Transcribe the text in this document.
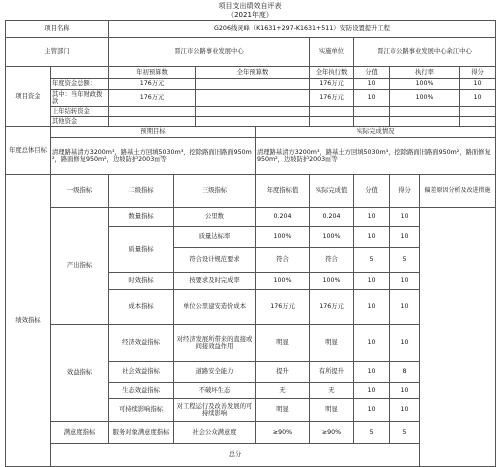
项目支出绩效自评表
（2021年度）
项目名称		G206线灵峰（K1631+297-K1631+511）安防设置提升工程									
主管部门		晋江市公路事业发展中心				实施单位	晋江市公路事业发展中心余江中心				
项目资金		年初预算数		全年预算数		全年执行数	分值	执行率		得分	
	年度资金总额：	176万元				176万元	10	100%		10	
	其中：当年财政拨款	176万元				176万元	10	100%		10	
	上年结转资金										
	其他资金										
年度总体目标	预期目标				实际完成情况						
	清理路基清方3200m³，路基土方回填5030m³，挖除路面旧路面950m²，路面修复950m²，边坡防护2003㎡等				清理路基清方3200m³，路基土方回填5030m³，挖除路面旧路面950m²，路面修复950m²，边坡防护2003㎡等						
绩效指标	一级指标	二级指标	三级指标		年度指标值	实际完成值	分值	得分	偏差原因分析及改进措施		
	产出指标	数量指标	公里数		0.204	0.204	10	10			
		质量指标	质量达标率		100%	100%	10	10			
			符合设计规范要求		符合	符合	5	5			
		时效指标	按要求及时完成率		100%	100%	10	10			
		成本指标	单位公里建安造价成本		176万元	176万元	10	10			
	效益指标	经济效益指标	对经济发展所带来的直接或间接效益作用		明显	明显	10	10			
		社会效益指标	道路安全能力		提升	有所提升	10	8			
		生态效益指标	不破坏生态		无	无	10	10			
		可持续影响指标	对工程运行及改善发展的可持续影响		明显	明显	10	10			
	满意度指标	服务对象满意度指标	社会公众满意度		≥90%	≥90%	5	5			
	总分			
